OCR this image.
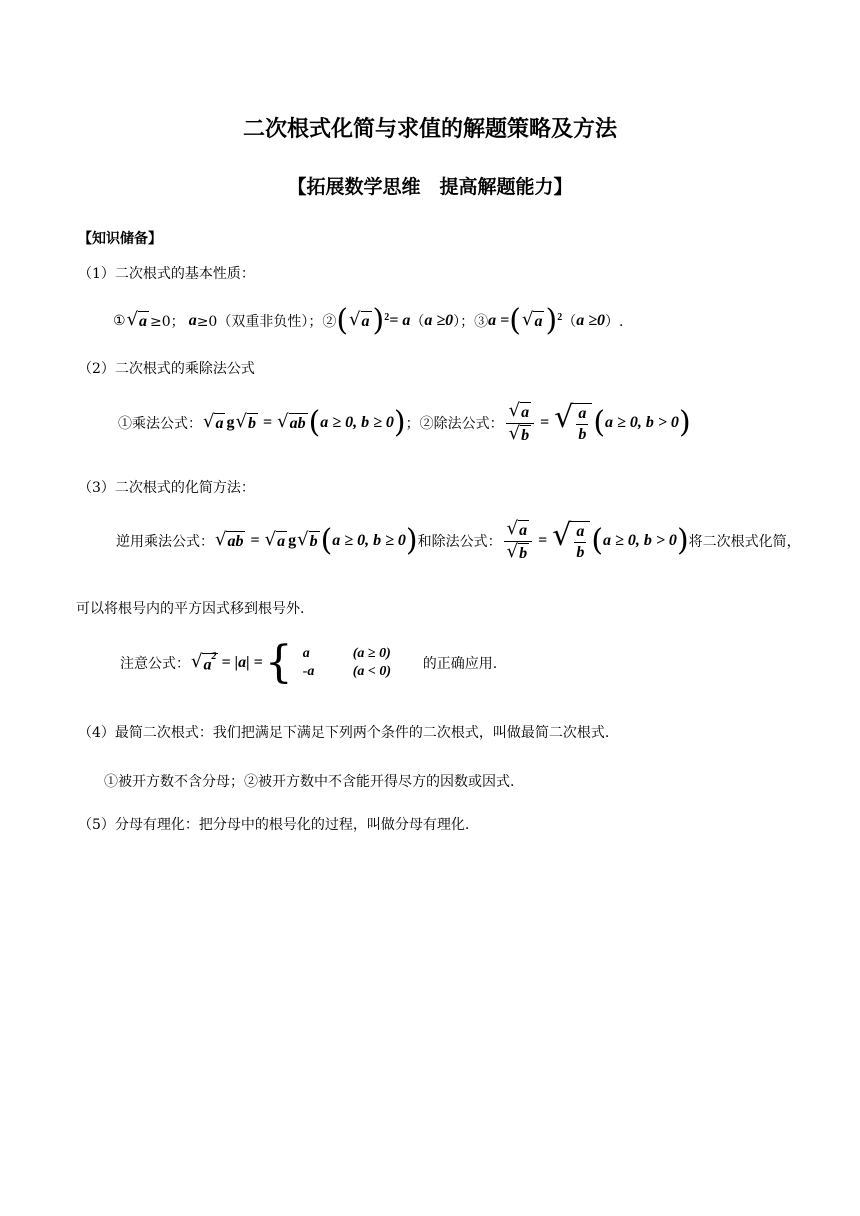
二次根式化简与求值的解题策略及方法
【拓展数学思维　提高解题能力】
【知识储备】
（1）二次根式的基本性质：
① √ a ≥0； a ≥0（双重非负性）；② ( √ a ) 2 = a （ a ≥0 ）；③ a = ( √ a ) 2 （ a ≥0 ）.
（2）二次根式的乘除法公式
①乘法公式： √ a g √ b = √ ab ( a ≥ 0, b ≥ 0 ) ；②除法公式： $\frac{√ a}{√ b}$ = √ $\frac{a}{b}$ ( a ≥ 0, b > 0 )
（3）二次根式的化简方法：
逆用乘法公式： √ ab = √ a g √ b ( a ≥ 0, b ≥ 0 ) 和除法公式： $\frac{√ a}{√ b}$ = √ $\frac{a}{b}$ ( a ≥ 0, b > 0 ) 将二次根式化简，
可以将根号内的平方因式移到根号外.
注意公式： √ $a^2 = |a|$ = { a	(a ≥ 0)
-a	(a < 0)	的正确应用.
（4）最简二次根式：我们把满足下满足下列两个条件的二次根式，叫做最简二次根式.
①被开方数不含分母；②被开方数中不含能开得尽方的因数或因式.
（5）分母有理化：把分母中的根号化的过程，叫做分母有理化.
